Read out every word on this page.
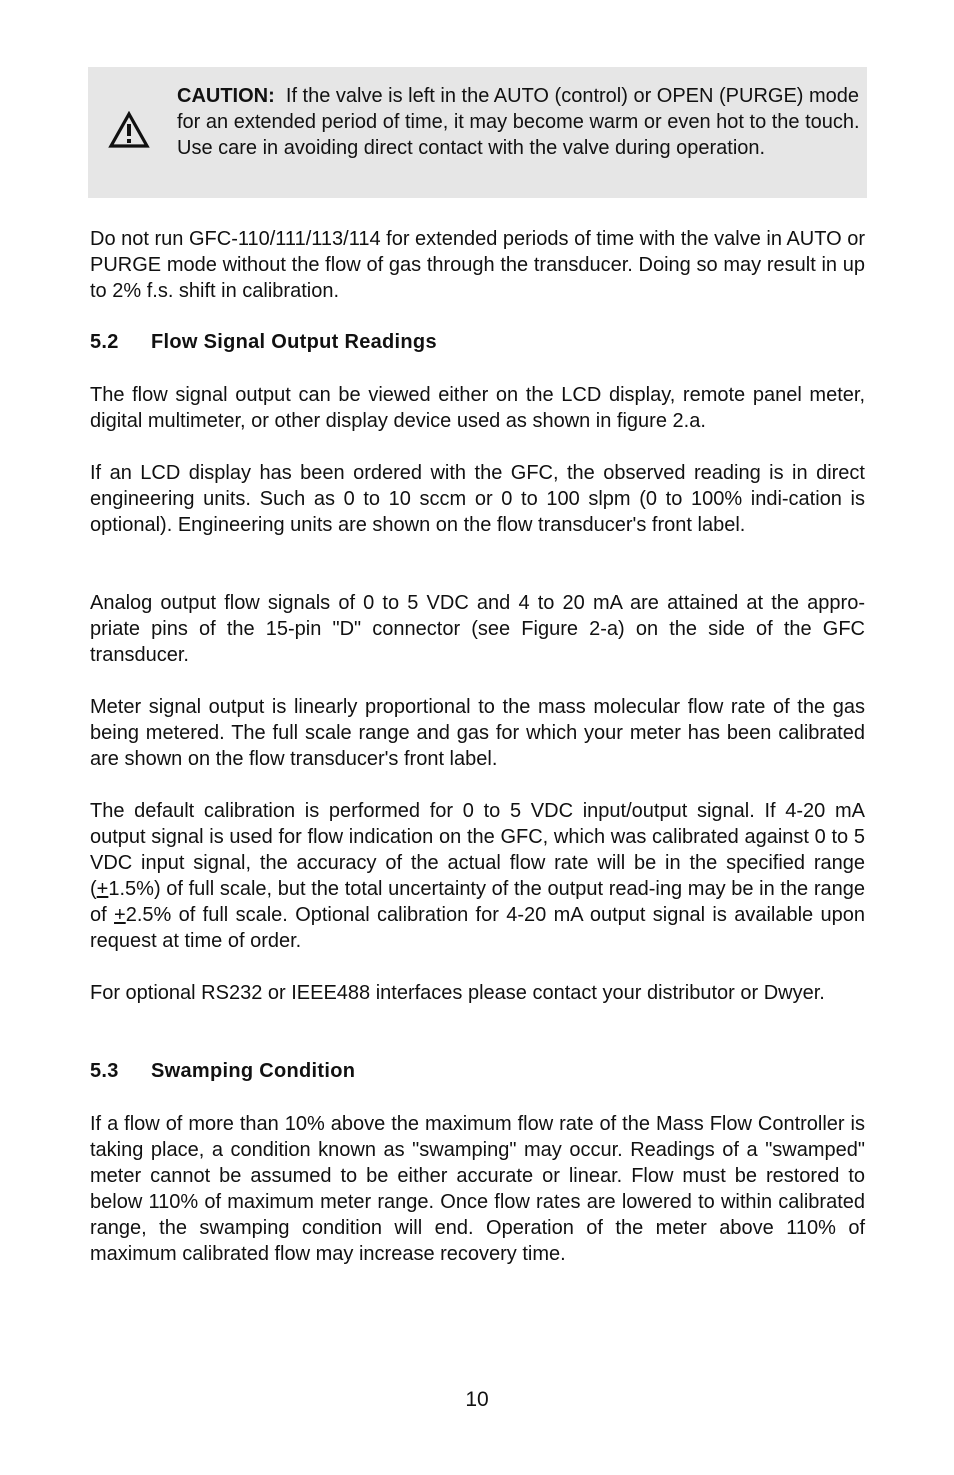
CAUTION: If the valve is left in the AUTO (control) or OPEN (PURGE) mode for an extended period of time, it may become warm or even hot to the touch. Use care in avoiding direct contact with the valve during operation.

Do not run GFC-110/111/113/114 for extended periods of time with the valve in AUTO or PURGE mode without the flow of gas through the transducer. Doing so may result in up to 2% f.s. shift in calibration.

5.2 Flow Signal Output Readings

The flow signal output can be viewed either on the LCD display, remote panel meter, digital multimeter, or other display device used as shown in figure 2.a.

If an LCD display has been ordered with the GFC, the observed reading is in direct engineering units. Such as 0 to 10 sccm or 0 to 100 slpm (0 to 100% indi-cation is optional). Engineering units are shown on the flow transducer's front label.

Analog output flow signals of 0 to 5 VDC and 4 to 20 mA are attained at the appro-priate pins of the 15-pin "D" connector (see Figure 2-a) on the side of the GFC transducer.

Meter signal output is linearly proportional to the mass molecular flow rate of the gas being metered. The full scale range and gas for which your meter has been calibrated are shown on the flow transducer's front label.

The default calibration is performed for 0 to 5 VDC input/output signal. If 4-20 mA output signal is used for flow indication on the GFC, which was calibrated against 0 to 5 VDC input signal, the accuracy of the actual flow rate will be in the specified range (+1.5%) of full scale, but the total uncertainty of the output read-ing may be in the range of +2.5% of full scale. Optional calibration for 4-20 mA output signal is available upon request at time of order.

For optional RS232 or IEEE488 interfaces please contact your distributor or Dwyer.

5.3 Swamping Condition

If a flow of more than 10% above the maximum flow rate of the Mass Flow Controller is taking place, a condition known as "swamping" may occur. Readings of a "swamped" meter cannot be assumed to be either accurate or linear. Flow must be restored to below 110% of maximum meter range. Once flow rates are lowered to within calibrated range, the swamping condition will end. Operation of the meter above 110% of maximum calibrated flow may increase recovery time.

10
